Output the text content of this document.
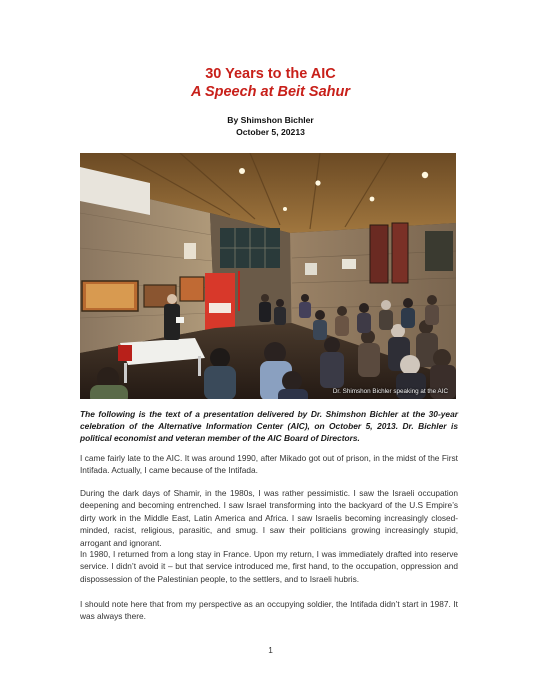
30 Years to the AIC
A Speech at Beit Sahur
By Shimshon Bichler
October 5, 20213
Dr. Shimshon Bichler speaking at the AIC
The following is the text of a presentation delivered by Dr. Shimshon Bichler at the 30-year celebration of the Alternative Information Center (AIC), on October 5, 2013. Dr. Bichler is political economist and veteran member of the AIC Board of Directors.
I came fairly late to the AIC. It was around 1990, after Mikado got out of prison, in the midst of the First Intifada. Actually, I came because of the Intifada.
During the dark days of Shamir, in the 1980s, I was rather pessimistic. I saw the Israeli occupation deepening and becoming entrenched. I saw Israel transforming into the backyard of the U.S Empire’s dirty work in the Middle East, Latin America and Africa. I saw Israelis becoming increasingly closed-minded, racist, religious, parasitic, and smug. I saw their politicians growing increasingly stupid, arrogant and ignorant.
In 1980, I returned from a long stay in France. Upon my return, I was immediately drafted into reserve service. I didn’t avoid it – but that service introduced me, first hand, to the occupation, oppression and dispossession of the Palestinian people, to the settlers, and to Israeli hubris.
I should note here that from my perspective as an occupying soldier, the Intifada didn’t start in 1987. It was always there.
1
